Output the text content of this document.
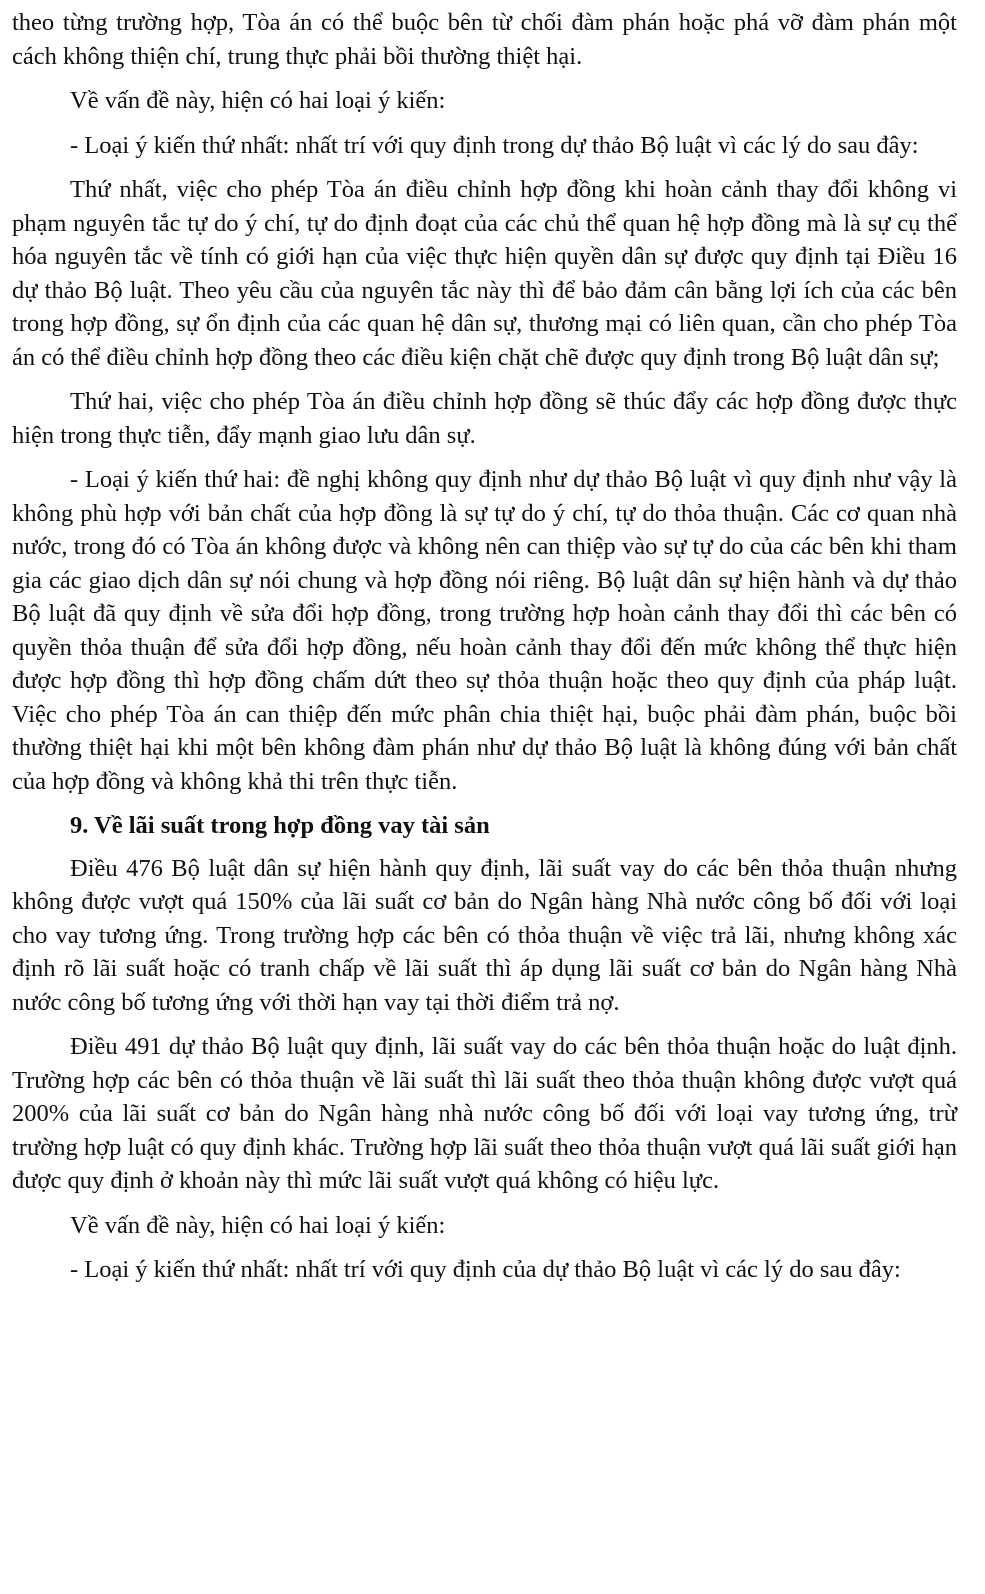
theo từng trường hợp, Tòa án có thể buộc bên từ chối đàm phán hoặc phá vỡ đàm phán một cách không thiện chí, trung thực phải bồi thường thiệt hại.

Về vấn đề này, hiện có hai loại ý kiến:

- Loại ý kiến thứ nhất: nhất trí với quy định trong dự thảo Bộ luật vì các lý do sau đây:

Thứ nhất, việc cho phép Tòa án điều chỉnh hợp đồng khi hoàn cảnh thay đổi không vi phạm nguyên tắc tự do ý chí, tự do định đoạt của các chủ thể quan hệ hợp đồng mà là sự cụ thể hóa nguyên tắc về tính có giới hạn của việc thực hiện quyền dân sự được quy định tại Điều 16 dự thảo Bộ luật. Theo yêu cầu của nguyên tắc này thì để bảo đảm cân bằng lợi ích của các bên trong hợp đồng, sự ổn định của các quan hệ dân sự, thương mại có liên quan, cần cho phép Tòa án có thể điều chỉnh hợp đồng theo các điều kiện chặt chẽ được quy định trong Bộ luật dân sự;

Thứ hai, việc cho phép Tòa án điều chỉnh hợp đồng sẽ thúc đẩy các hợp đồng được thực hiện trong thực tiễn, đẩy mạnh giao lưu dân sự.

- Loại ý kiến thứ hai: đề nghị không quy định như dự thảo Bộ luật vì quy định như vậy là không phù hợp với bản chất của hợp đồng là sự tự do ý chí, tự do thỏa thuận. Các cơ quan nhà nước, trong đó có Tòa án không được và không nên can thiệp vào sự tự do của các bên khi tham gia các giao dịch dân sự nói chung và hợp đồng nói riêng. Bộ luật dân sự hiện hành và dự thảo Bộ luật đã quy định về sửa đổi hợp đồng, trong trường hợp hoàn cảnh thay đổi thì các bên có quyền thỏa thuận để sửa đổi hợp đồng, nếu hoàn cảnh thay đổi đến mức không thể thực hiện được hợp đồng thì hợp đồng chấm dứt theo sự thỏa thuận hoặc theo quy định của pháp luật. Việc cho phép Tòa án can thiệp đến mức phân chia thiệt hại, buộc phải đàm phán, buộc bồi thường thiệt hại khi một bên không đàm phán như dự thảo Bộ luật là không đúng với bản chất của hợp đồng và không khả thi trên thực tiễn.

9. Về lãi suất trong hợp đồng vay tài sản

Điều 476 Bộ luật dân sự hiện hành quy định, lãi suất vay do các bên thỏa thuận nhưng không được vượt quá 150% của lãi suất cơ bản do Ngân hàng Nhà nước công bố đối với loại cho vay tương ứng. Trong trường hợp các bên có thỏa thuận về việc trả lãi, nhưng không xác định rõ lãi suất hoặc có tranh chấp về lãi suất thì áp dụng lãi suất cơ bản do Ngân hàng Nhà nước công bố tương ứng với thời hạn vay tại thời điểm trả nợ.

Điều 491 dự thảo Bộ luật quy định, lãi suất vay do các bên thỏa thuận hoặc do luật định. Trường hợp các bên có thỏa thuận về lãi suất thì lãi suất theo thỏa thuận không được vượt quá 200% của lãi suất cơ bản do Ngân hàng nhà nước công bố đối với loại vay tương ứng, trừ trường hợp luật có quy định khác. Trường hợp lãi suất theo thỏa thuận vượt quá lãi suất giới hạn được quy định ở khoản này thì mức lãi suất vượt quá không có hiệu lực.

Về vấn đề này, hiện có hai loại ý kiến:

- Loại ý kiến thứ nhất: nhất trí với quy định của dự thảo Bộ luật vì các lý do sau đây:
